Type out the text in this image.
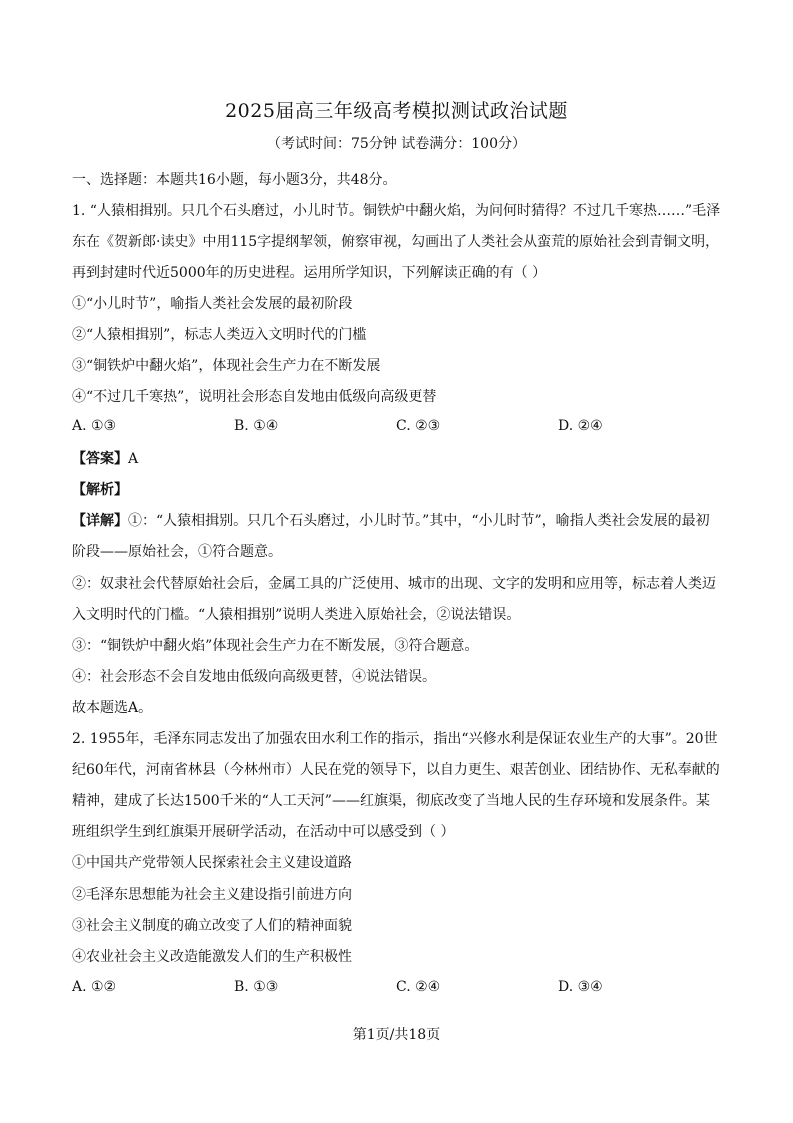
2025届高三年级高考模拟测试政治试题
（考试时间：75分钟 试卷满分：100分）
一、选择题：本题共16小题，每小题3分，共48分。
1. “人猿相揖别。只几个石头磨过，小儿时节。铜铁炉中翻火焰，为问何时猜得？不过几千寒热……”毛泽
东在《贺新郎·读史》中用115字提纲挈领，俯察审视，勾画出了人类社会从蛮荒的原始社会到青铜文明，
再到封建时代近5000年的历史进程。运用所学知识，下列解读正确的有（ ）
①“小儿时节”，喻指人类社会发展的最初阶段
②“人猿相揖别”，标志人类迈入文明时代的门槛
③“铜铁炉中翻火焰”，体现社会生产力在不断发展
④“不过几千寒热”，说明社会形态自发地由低级向高级更替
A. ①③	B. ①④	C. ②③	D. ②④
【答案】A
【解析】
【详解】①：“人猿相揖别。只几个石头磨过，小儿时节。”其中，“小儿时节”，喻指人类社会发展的最初
阶段——原始社会，①符合题意。
②：奴隶社会代替原始社会后，金属工具的广泛使用、城市的出现、文字的发明和应用等，标志着人类迈
入文明时代的门槛。“人猿相揖别”说明人类进入原始社会，②说法错误。
③：“铜铁炉中翻火焰”体现社会生产力在不断发展，③符合题意。
④：社会形态不会自发地由低级向高级更替，④说法错误。
故本题选A。
2. 1955年，毛泽东同志发出了加强农田水利工作的指示，指出“兴修水利是保证农业生产的大事”。20世
纪60年代，河南省林县（今林州市）人民在党的领导下，以自力更生、艰苦创业、团结协作、无私奉献的
精神，建成了长达1500千米的“人工天河”——红旗渠，彻底改变了当地人民的生存环境和发展条件。某
班组织学生到红旗渠开展研学活动，在活动中可以感受到（ ）
①中国共产党带领人民探索社会主义建设道路
②毛泽东思想能为社会主义建设指引前进方向
③社会主义制度的确立改变了人们的精神面貌
④农业社会主义改造能激发人们的生产积极性
A. ①②	B. ①③	C. ②④	D. ③④
第1页/共18页
